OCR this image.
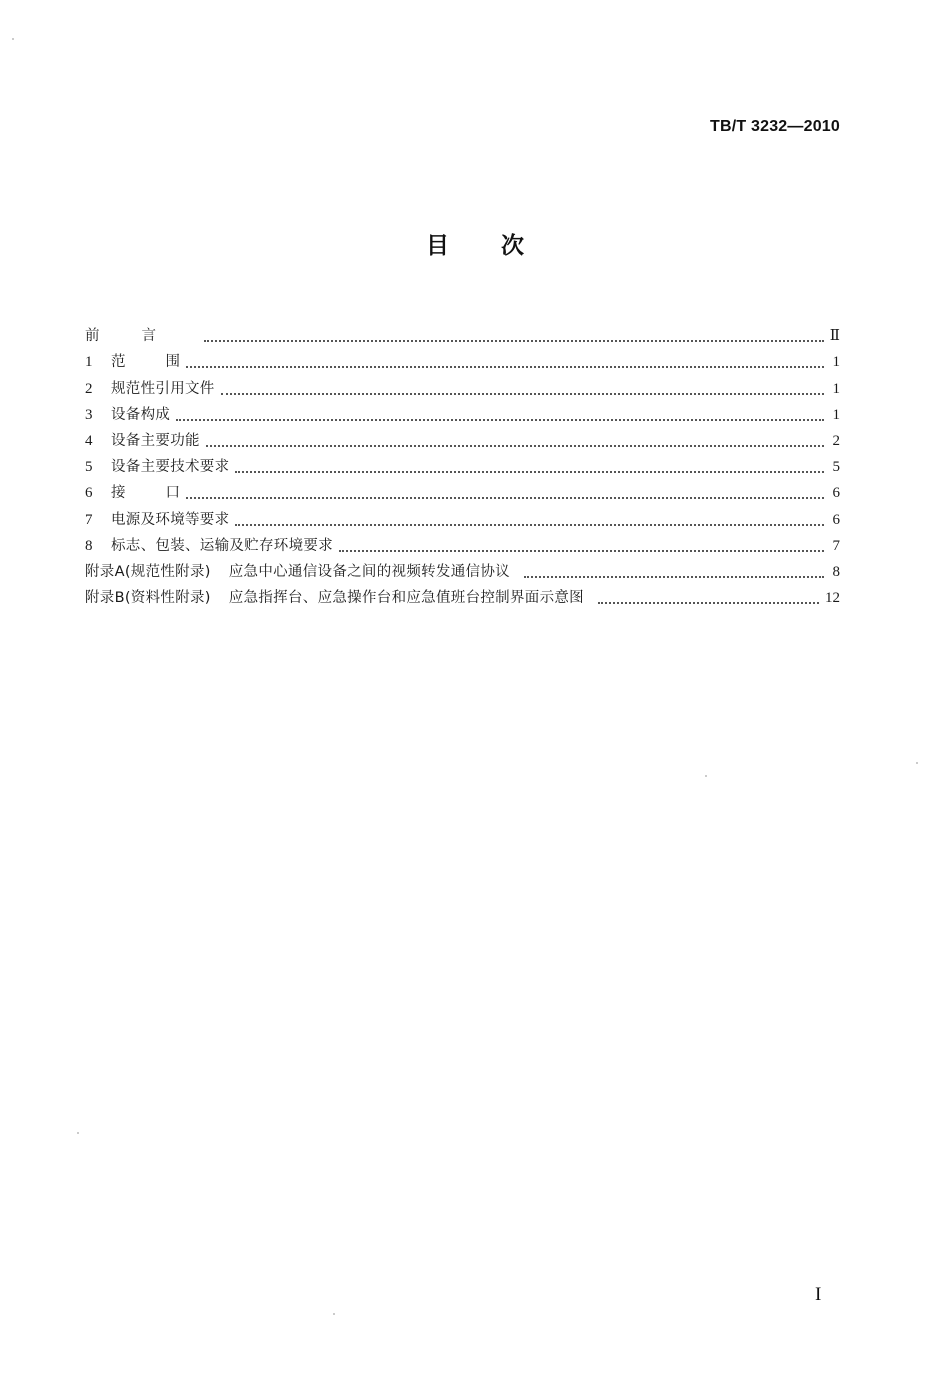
TB/T 3232—2010
目次
前言	Ⅱ
1	范围	1
2	规范性引用文件	1
3	设备构成	1
4	设备主要功能	2
5	设备主要技术要求	5
6	接口	6
7	电源及环境等要求	6
8	标志、包装、运输及贮存环境要求	7
附录A(规范性附录) 应急中心通信设备之间的视频转发通信协议	8
附录B(资料性附录) 应急指挥台、应急操作台和应急值班台控制界面示意图	12
I
